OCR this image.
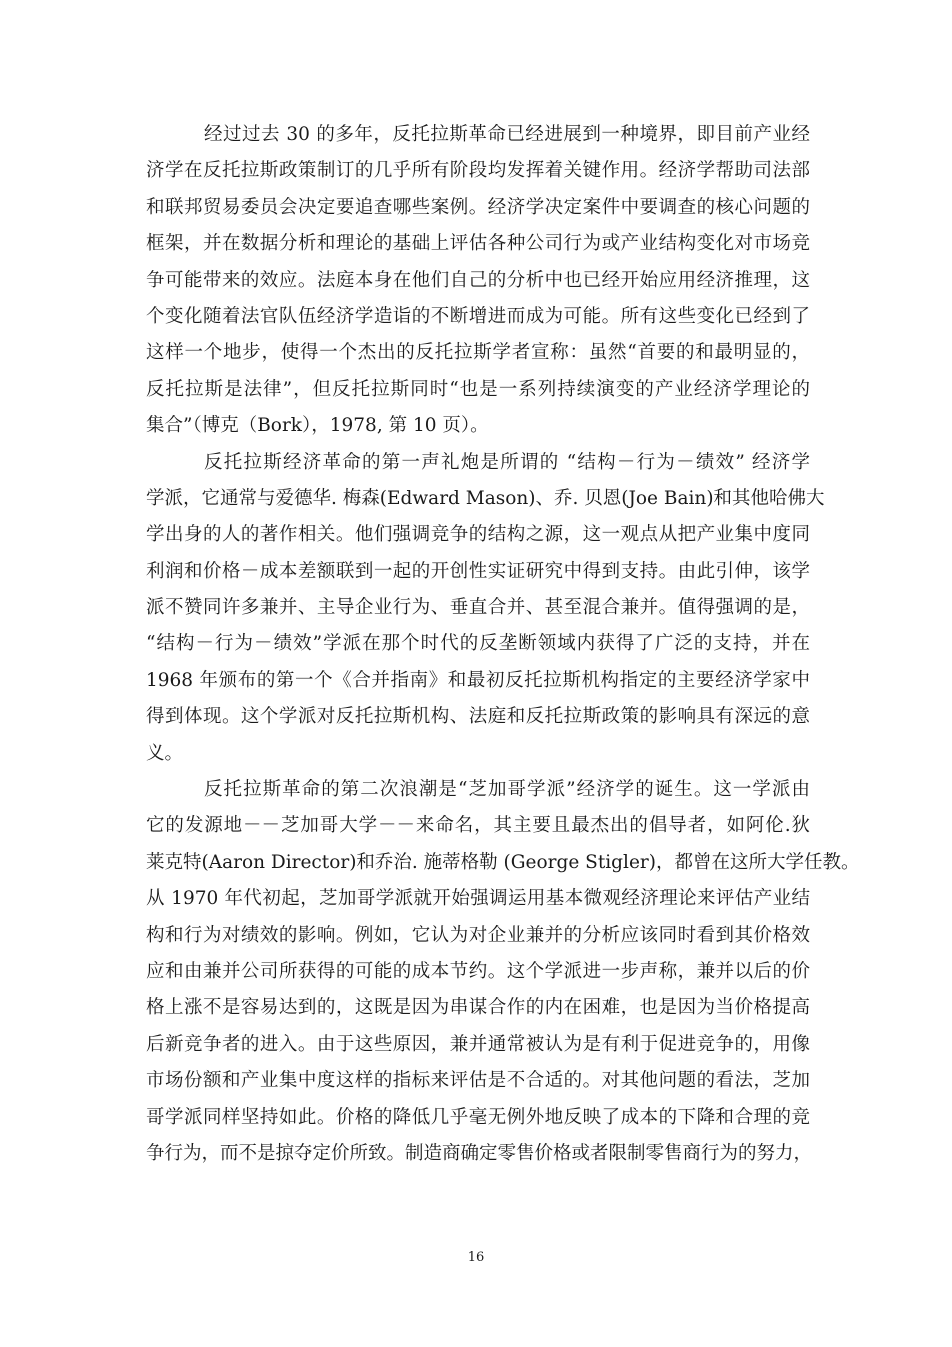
经过过去 30 的多年，反托拉斯革命已经进展到一种境界，即目前产业经
济学在反托拉斯政策制订的几乎所有阶段均发挥着关键作用。经济学帮助司法部
和联邦贸易委员会决定要追查哪些案例。经济学决定案件中要调查的核心问题的
框架，并在数据分析和理论的基础上评估各种公司行为或产业结构变化对市场竞
争可能带来的效应。法庭本身在他们自己的分析中也已经开始应用经济推理，这
个变化随着法官队伍经济学造诣的不断增进而成为可能。所有这些变化已经到了
这样一个地步，使得一个杰出的反托拉斯学者宣称：虽然“首要的和最明显的，
反托拉斯是法律”，但反托拉斯同时“也是一系列持续演变的产业经济学理论的
集合”（博克（Bork），1978, 第 10 页）。
反托拉斯经济革命的第一声礼炮是所谓的 “结构－行为－绩效” 经济学
学派，它通常与爱德华. 梅森(Edward Mason)、乔. 贝恩(Joe Bain)和其他哈佛大
学出身的人的著作相关。他们强调竞争的结构之源，这一观点从把产业集中度同
利润和价格－成本差额联到一起的开创性实证研究中得到支持。由此引伸，该学
派不赞同许多兼并、主导企业行为、垂直合并、甚至混合兼并。值得强调的是，
“结构－行为－绩效”学派在那个时代的反垄断领域内获得了广泛的支持，并在
1968 年颁布的第一个《合并指南》和最初反托拉斯机构指定的主要经济学家中
得到体现。这个学派对反托拉斯机构、法庭和反托拉斯政策的影响具有深远的意
义。
反托拉斯革命的第二次浪潮是“芝加哥学派”经济学的诞生。这一学派由
它的发源地－－芝加哥大学－－来命名，其主要且最杰出的倡导者，如阿伦.狄
莱克特(Aaron Director)和乔治. 施蒂格勒 (George Stigler)，都曾在这所大学任教。
从 1970 年代初起，芝加哥学派就开始强调运用基本微观经济理论来评估产业结
构和行为对绩效的影响。例如，它认为对企业兼并的分析应该同时看到其价格效
应和由兼并公司所获得的可能的成本节约。这个学派进一步声称，兼并以后的价
格上涨不是容易达到的，这既是因为串谋合作的内在困难，也是因为当价格提高
后新竞争者的进入。由于这些原因，兼并通常被认为是有利于促进竞争的，用像
市场份额和产业集中度这样的指标来评估是不合适的。对其他问题的看法，芝加
哥学派同样坚持如此。价格的降低几乎毫无例外地反映了成本的下降和合理的竞
争行为，而不是掠夺定价所致。制造商确定零售价格或者限制零售商行为的努力，
16
